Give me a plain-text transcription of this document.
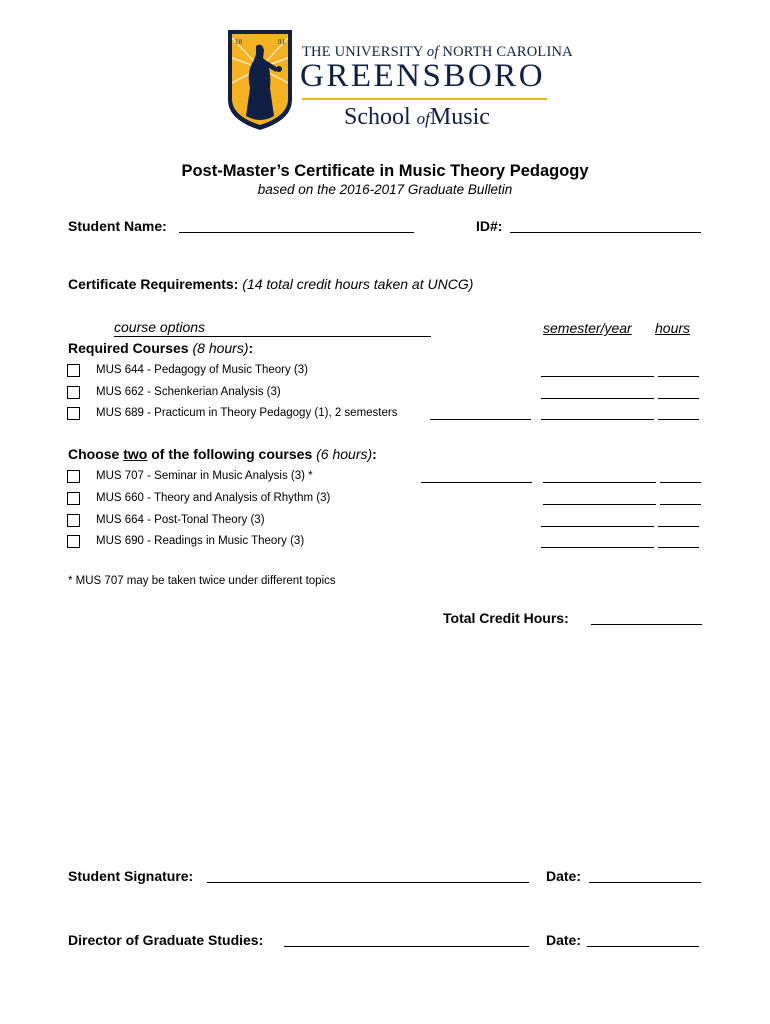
18	91
THE UNIVERSITY of NORTH CAROLINA
GREENSBORO
School ofMusic
Post-Master’s Certificate in Music Theory Pedagogy
based on the 2016-2017 Graduate Bulletin
Student Name:	ID#:
Certificate Requirements: (14 total credit hours taken at UNCG)
course options	semester/year hours
Required Courses (8 hours):
MUS 644 - Pedagogy of Music Theory (3)
MUS 662 - Schenkerian Analysis (3)
MUS 689 - Practicum in Theory Pedagogy (1), 2 semesters
Choose two of the following courses (6 hours):
MUS 707 - Seminar in Music Analysis (3) *
MUS 660 - Theory and Analysis of Rhythm (3)
MUS 664 - Post-Tonal Theory (3)
MUS 690 - Readings in Music Theory (3)
* MUS 707 may be taken twice under different topics
Total Credit Hours:
Student Signature:	Date:
Director of Graduate Studies:	Date:
